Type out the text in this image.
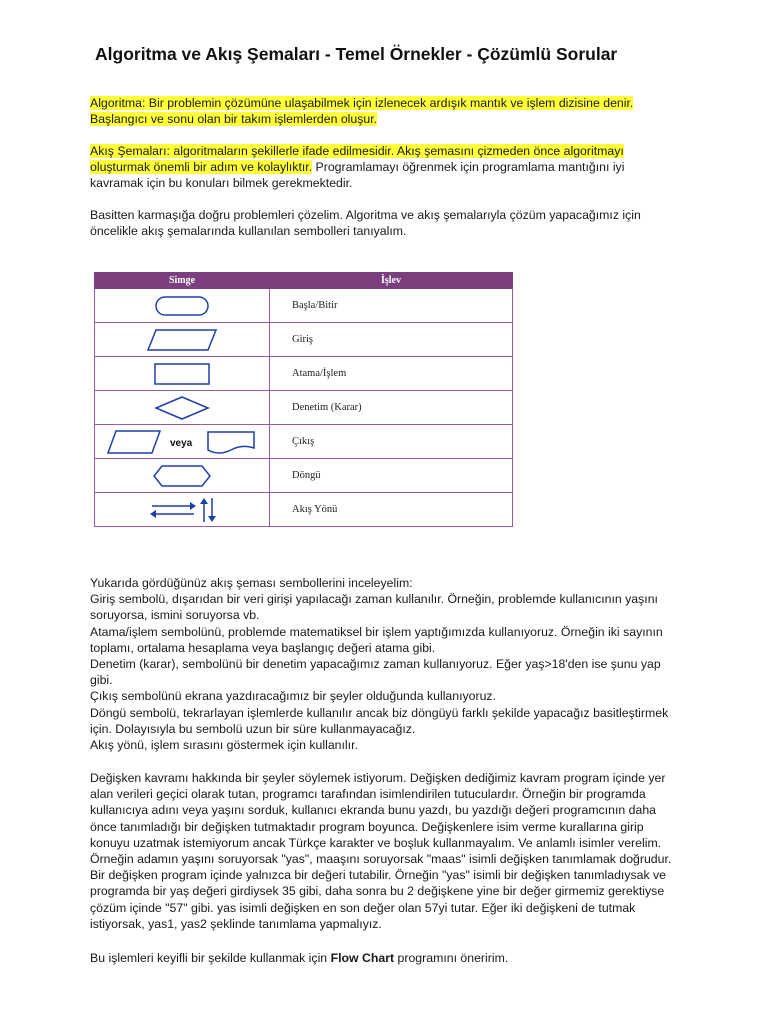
Algoritma ve Akış Şemaları - Temel Örnekler - Çözümlü Sorular

Algoritma: Bir problemin çözümüne ulaşabilmek için izlenecek ardışık mantık ve işlem dizisine denir. Başlangıcı ve sonu olan bir takım işlemlerden oluşur.

Akış Şemaları: algoritmaların şekillerle ifade edilmesidir. Akış şemasını çizmeden önce algoritmayı oluşturmak önemli bir adım ve kolaylıktır. Programlamayı öğrenmek için programlama mantığını iyi kavramak için bu konuları bilmek gerekmektedir.

Basitten karmaşığa doğru problemleri çözelim. Algoritma ve akış şemalarıyla çözüm yapacağımız için öncelikle akış şemalarında kullanılan sembolleri tanıyalım.

Simge	İşlev

	Başla/Bitir

	Giriş

	Atama/İşlem

	Denetim (Karar)

veya	Çıkış

	Döngü

	Akış Yönü
Yukarıda gördüğünüz akış şeması sembollerini inceleyelim:
Giriş sembolü, dışarıdan bir veri girişi yapılacağı zaman kullanılır. Örneğin, problemde kullanıcının yaşını soruyorsa, ismini soruyorsa vb.
Atama/işlem sembolünü, problemde matematiksel bir işlem yaptığımızda kullanıyoruz. Örneğin iki sayının toplamı, ortalama hesaplama veya başlangıç değeri atama gibi.
Denetim (karar), sembolünü bir denetim yapacağımız zaman kullanıyoruz. Eğer yaş>18'den ise şunu yap gibi.
Çıkış sembolünü ekrana yazdıracağımız bir şeyler olduğunda kullanıyoruz.
Döngü sembolü, tekrarlayan işlemlerde kullanılır ancak biz döngüyü farklı şekilde yapacağız basitleştirmek için. Dolayısıyla bu sembolü uzun bir süre kullanmayacağız.
Akış yönü, işlem sırasını göstermek için kullanılır.

Değişken kavramı hakkında bir şeyler söylemek istiyorum. Değişken dediğimiz kavram program içinde yer alan verileri geçici olarak tutan, programcı tarafından isimlendirilen tutuculardır. Örneğin bir programda kullanıcıya adını veya yaşını sorduk, kullanıcı ekranda bunu yazdı, bu yazdığı değeri programcının daha önce tanımladığı bir değişken tutmaktadır program boyunca. Değişkenlere isim verme kurallarına girip konuyu uzatmak istemiyorum ancak Türkçe karakter ve boşluk kullanmayalım. Ve anlamlı isimler verelim. Örneğin adamın yaşını soruyorsak "yas", maaşını soruyorsak "maas" isimli değişken tanımlamak doğrudur. Bir değişken program içinde yalnızca bir değeri tutabilir. Örneğin "yas" isimli bir değişken tanımladıysak ve programda bir yaş değeri girdiysek 35 gibi, daha sonra bu 2 değişkene yine bir değer girmemiz gerektiyse çözüm içinde "57" gibi. yas isimli değişken en son değer olan 57yi tutar. Eğer iki değişkeni de tutmak istiyorsak, yas1, yas2 şeklinde tanımlama yapmalıyız.

Bu işlemleri keyifli bir şekilde kullanmak için Flow Chart programını öneririm.
